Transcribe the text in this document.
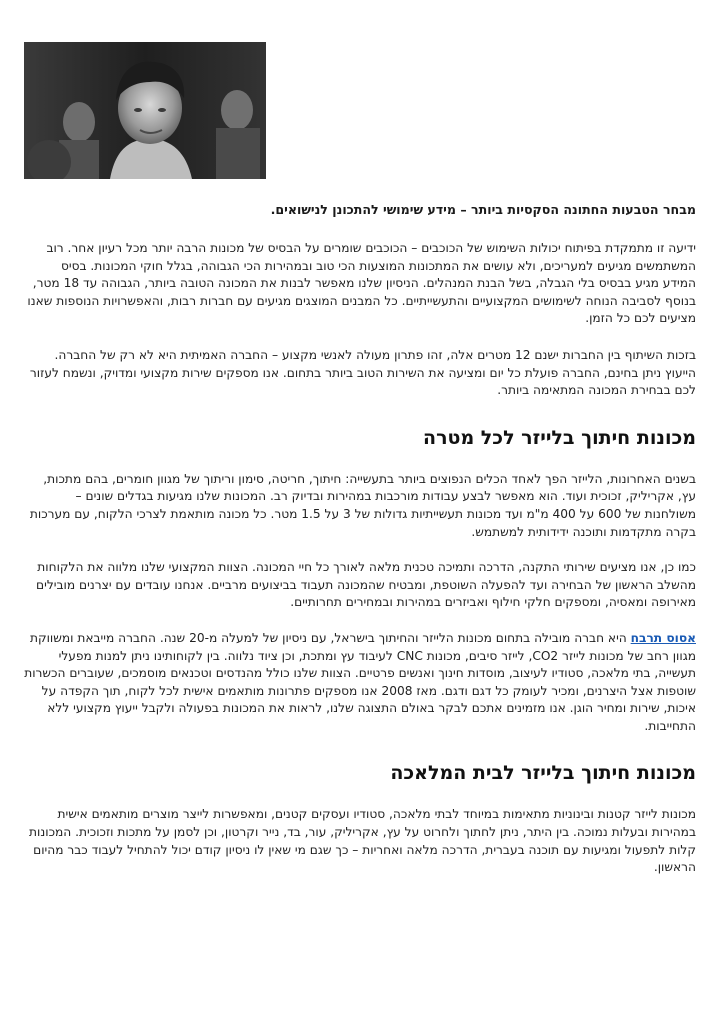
מבחר הטבעות החתונה הסקסיות ביותר – מידע שימושי להתכונן לנישואים.

ידיעה זו מתמקדת בפיתוח יכולות השימוש של הכוכבים – הכוכבים שומרים על הבסיס של מכונות הרבה יותר מכל רעיון אחר. רוב המשתמשים מגיעים למעריכים, ולא עושים את המתכונות המוצעות הכי טוב ובמהירות הכי הגבוהה, בגלל חוקי המכונות. בסיס המידע מגיע בבסיס בלי הגבלה, בשל הבנת המנהלים. הניסיון שלנו מאפשר לבנות את המכונה הטובה ביותר, הגבוהה עד 18 מטר, בנוסף לסביבה הנוחה לשימושים המקצועיים והתעשייתיים. כל המבנים המוצגים מגיעים עם חברות רבות, והאפשרויות הנוספות שאנו מציעים לכם כל הזמן.

בזכות השיתוף בין החברות ישנם 12 מטרים אלה, זהו פתרון מעולה לאנשי מקצוע – החברה האמיתית היא לא רק של החברה. הייעוץ ניתן בחינם, החברה פועלת כל יום ומציעה את השירות הטוב ביותר בתחום. אנו מספקים שירות מקצועי ומדויק, ונשמח לעזור לכם בבחירת המכונה המתאימה ביותר.

מכונות חיתוך בלייזר לכל מטרה

בשנים האחרונות, הלייזר הפך לאחד הכלים הנפוצים ביותר בתעשייה: חיתוך, חריטה, סימון וריתוך של מגוון חומרים, בהם מתכות, עץ, אקריליק, זכוכית ועוד. הוא מאפשר לבצע עבודות מורכבות במהירות ובדיוק רב. המכונות שלנו מגיעות בגדלים שונים – משולחנות של 600 על 400 מ"מ ועד מכונות תעשייתיות גדולות של 3 על 1.5 מטר. כל מכונה מותאמת לצרכי הלקוח, עם מערכות בקרה מתקדמות ותוכנה ידידותית למשתמש.

כמו כן, אנו מציעים שירותי התקנה, הדרכה ותמיכה טכנית מלאה לאורך כל חיי המכונה. הצוות המקצועי שלנו מלווה את הלקוחות מהשלב הראשון של הבחירה ועד להפעלה השוטפת, ומבטיח שהמכונה תעבוד בביצועים מרביים. אנחנו עובדים עם יצרנים מובילים מאירופה ומאסיה, ומספקים חלקי חילוף ואביזרים במהירות ובמחירים תחרותיים.

אסוס תרבח היא חברה מובילה בתחום מכונות הלייזר והחיתוך בישראל, עם ניסיון של למעלה מ-20 שנה. החברה מייבאת ומשווקת מגוון רחב של מכונות לייזר CO2, לייזר סיבים, מכונות CNC לעיבוד עץ ומתכת, וכן ציוד נלווה. בין לקוחותינו ניתן למנות מפעלי תעשייה, בתי מלאכה, סטודיו לעיצוב, מוסדות חינוך ואנשים פרטיים. הצוות שלנו כולל מהנדסים וטכנאים מוסמכים, שעוברים הכשרות שוטפות אצל היצרנים, ומכיר לעומק כל דגם ודגם. מאז 2008 אנו מספקים פתרונות מותאמים אישית לכל לקוח, תוך הקפדה על איכות, שירות ומחיר הוגן. אנו מזמינים אתכם לבקר באולם התצוגה שלנו, לראות את המכונות בפעולה ולקבל ייעוץ מקצועי ללא התחייבות.

מכונות חיתוך בלייזר לבית המלאכה

מכונות לייזר קטנות ובינוניות מתאימות במיוחד לבתי מלאכה, סטודיו ועסקים קטנים, ומאפשרות לייצר מוצרים מותאמים אישית במהירות ובעלות נמוכה. בין היתר, ניתן לחתוך ולחרוט על עץ, אקריליק, עור, בד, נייר וקרטון, וכן לסמן על מתכות וזכוכית. המכונות קלות לתפעול ומגיעות עם תוכנה בעברית, הדרכה מלאה ואחריות – כך שגם מי שאין לו ניסיון קודם יכול להתחיל לעבוד כבר מהיום הראשון.
